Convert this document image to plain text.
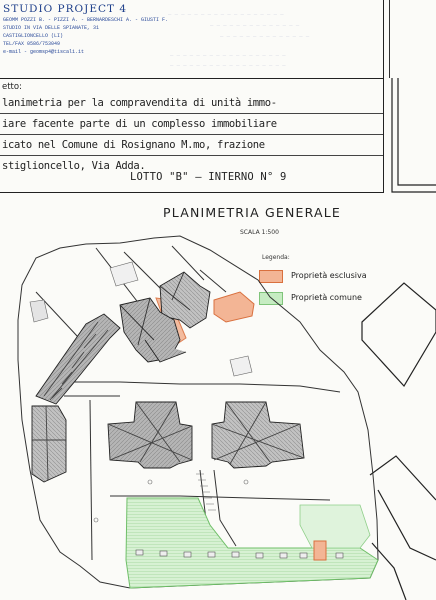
STUDIO PROJECT 4
GEOMM POZZI B. - PIZZI A. - BERNARDESCHI A. - GIUSTI F.
STUDIO IN VIA DELLE SPIANATE, 31
CASTIGLIONCELLO (LI)
TEL/FAX 0586/753049
e-mail - geomsp4@tiscali.it
— — — — — — — — — — — — — — — — — —
— — — — — — — — — — — — — —
— — — — — — — — — — — — — —
— — — — — — — — — — — — — — — — — —
— — — — — — — — — — — — — — — — — —
etto:
lanimetria per la compravendita di unità immo-
iare facente parte di un complesso immobiliare
icato nel Comune di Rosignano M.mo, frazione
stiglioncello, Via Adda.
LOTTO "B" — INTERNO N° 9
PLANIMETRIA GENERALE
SCALA 1:500
Legenda:
Proprietà esclusiva
Proprietà comune
